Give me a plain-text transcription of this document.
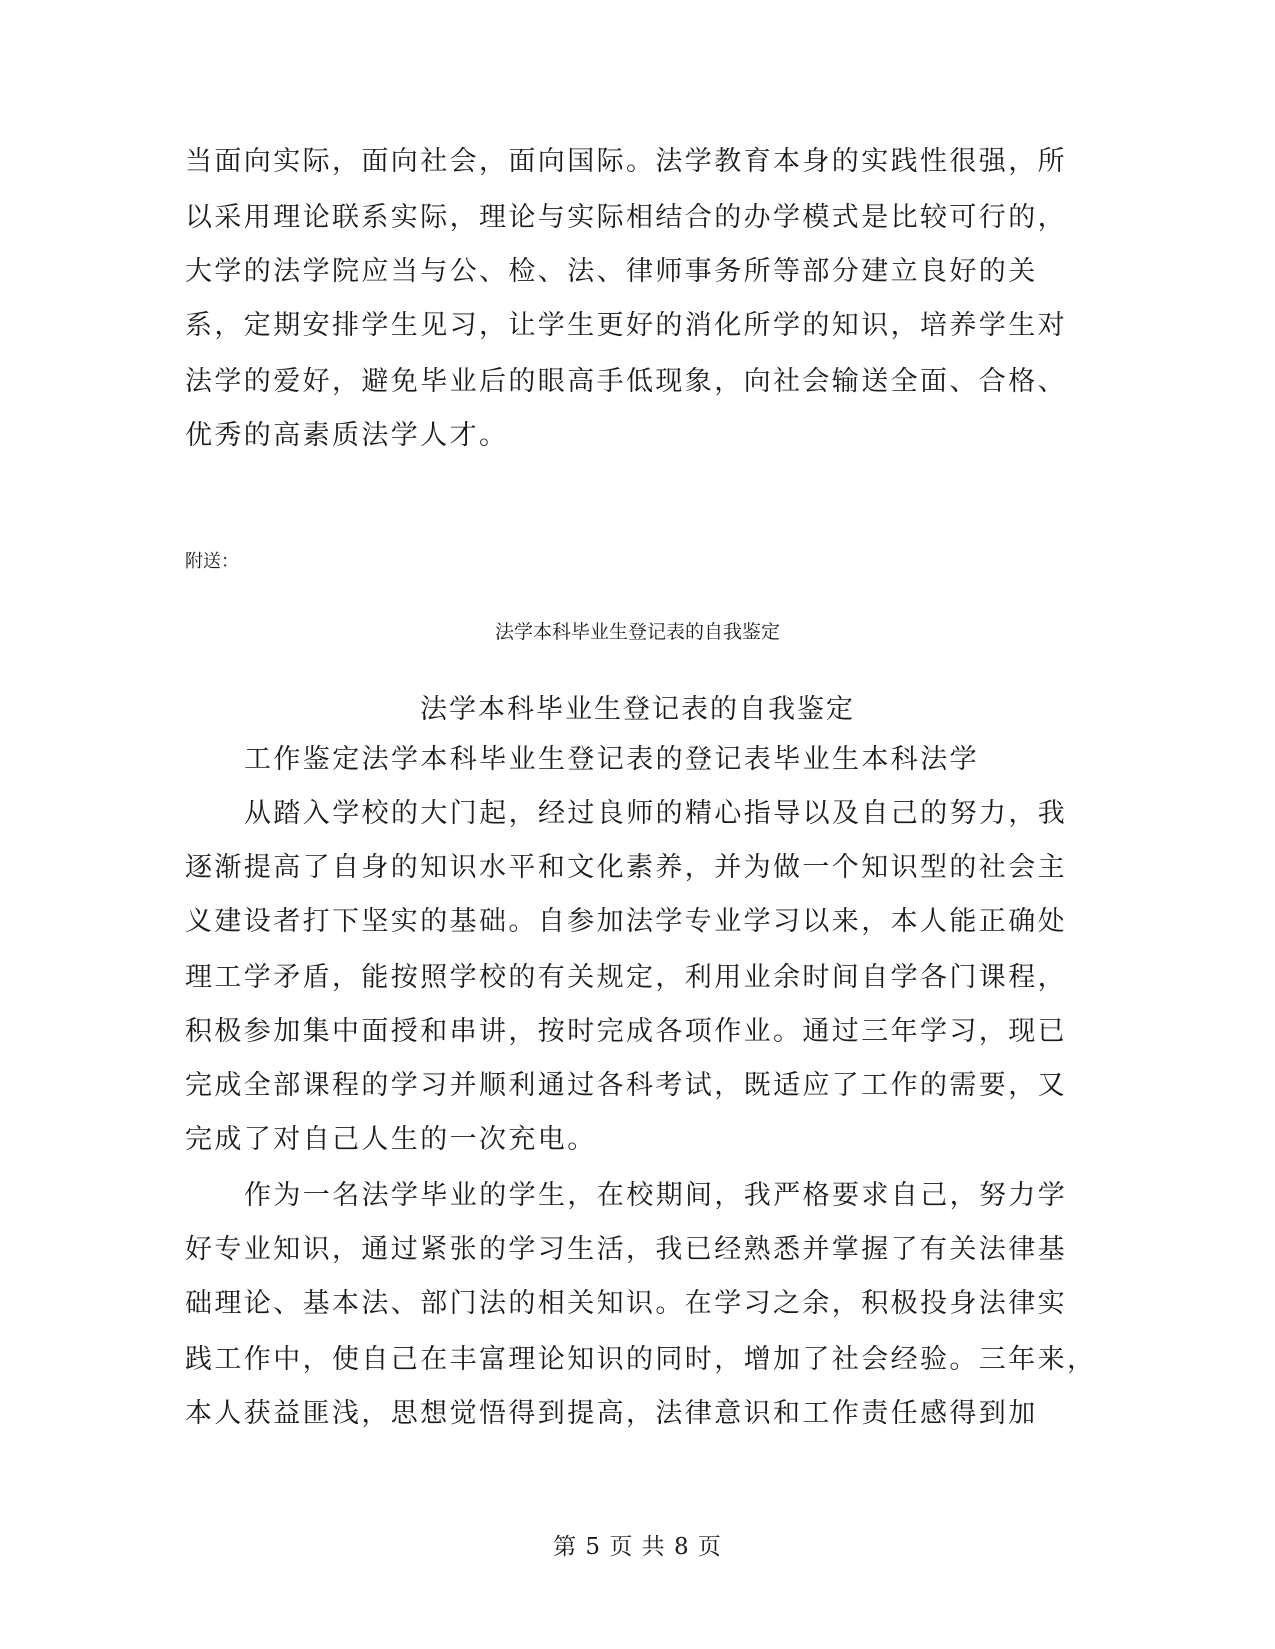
当面向实际，面向社会，面向国际。法学教育本身的实践性很强，所

以采用理论联系实际，理论与实际相结合的办学模式是比较可行的，

大学的法学院应当与公、检、法、律师事务所等部分建立良好的关

系，定期安排学生见习，让学生更好的消化所学的知识，培养学生对

法学的爱好，避免毕业后的眼高手低现象，向社会输送全面、合格、

优秀的高素质法学人才。

附送：

法学本科毕业生登记表的自我鉴定

法学本科毕业生登记表的自我鉴定

工作鉴定法学本科毕业生登记表的登记表毕业生本科法学

从踏入学校的大门起，经过良师的精心指导以及自己的努力，我

逐渐提高了自身的知识水平和文化素养，并为做一个知识型的社会主

义建设者打下坚实的基础。自参加法学专业学习以来，本人能正确处

理工学矛盾，能按照学校的有关规定，利用业余时间自学各门课程，

积极参加集中面授和串讲，按时完成各项作业。通过三年学习，现已

完成全部课程的学习并顺利通过各科考试，既适应了工作的需要，又

完成了对自己人生的一次充电。

作为一名法学毕业的学生，在校期间，我严格要求自己，努力学

好专业知识，通过紧张的学习生活，我已经熟悉并掌握了有关法律基

础理论、基本法、部门法的相关知识。在学习之余，积极投身法律实

践工作中，使自己在丰富理论知识的同时，增加了社会经验。三年来，

本人获益匪浅，思想觉悟得到提高，法律意识和工作责任感得到加

第 5 页 共 8 页
